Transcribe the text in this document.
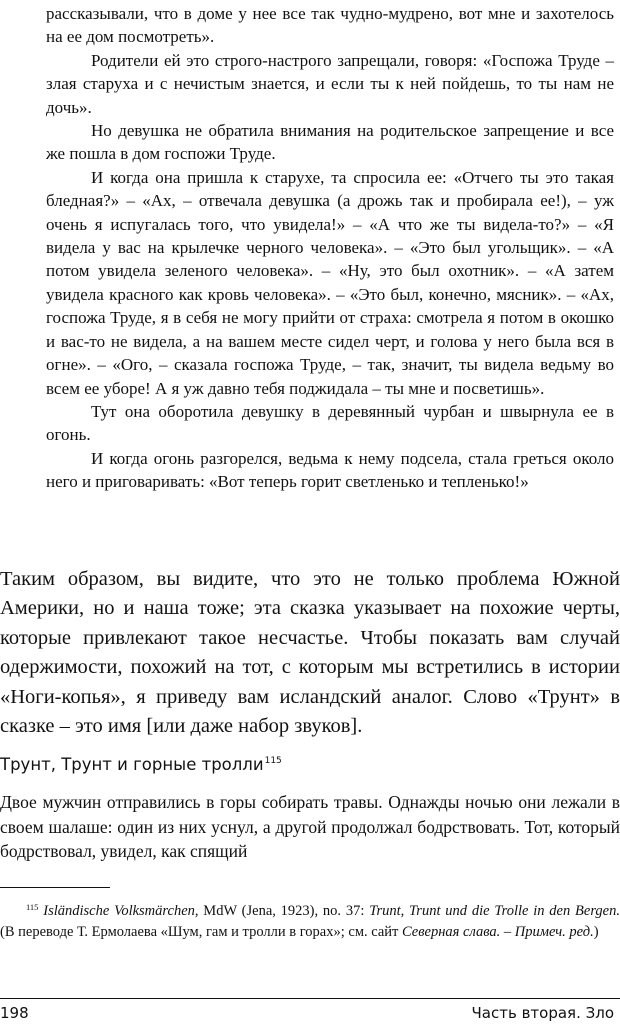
рассказывали, что в доме у нее все так чудно-мудрено, вот мне и захотелось на ее дом посмотреть».

Родители ей это строго-настрого запрещали, говоря: «Госпожа Труде – злая старуха и с нечистым знается, и если ты к ней пойдешь, то ты нам не дочь».

Но девушка не обратила внимания на родительское запрещение и все же пошла в дом госпожи Труде.

И когда она пришла к старухе, та спросила ее: «Отчего ты это такая бледная?» – «Ах, – отвечала девушка (а дрожь так и пробирала ее!), – уж очень я испугалась того, что увидела!» – «А что же ты видела-то?» – «Я видела у вас на крылечке черного человека». – «Это был угольщик». – «А потом увидела зеленого человека». – «Ну, это был охотник». – «А затем увидела красного как кровь человека». – «Это был, конечно, мясник». – «Ах, госпожа Труде, я в себя не могу прийти от страха: смотрела я потом в окошко и вас-то не видела, а на вашем месте сидел черт, и голова у него была вся в огне». – «Ого, – сказала госпожа Труде, – так, значит, ты видела ведьму во всем ее уборе! А я уж давно тебя поджидала – ты мне и посветишь».

Тут она оборотила девушку в деревянный чурбан и швырнула ее в огонь.

И когда огонь разгорелся, ведьма к нему подсела, стала греться около него и приговаривать: «Вот теперь горит светленько и тепленько!»

Таким образом, вы видите, что это не только проблема Южной Америки, но и наша тоже; эта сказка указывает на похожие черты, которые привлекают такое несчастье. Чтобы показать вам случай одержимости, похожий на тот, с которым мы встретились в истории «Ноги-копья», я приведу вам исландский аналог. Слово «Трунт» в сказке – это имя [или даже набор звуков].

Трунт, Трунт и горные тролли$^{115}$

Двое мужчин отправились в горы собирать травы. Однажды ночью они лежали в своем шалаше: один из них уснул, а другой продолжал бодрствовать. Тот, который бодрствовал, увидел, как спящий

$^{115}$ Isländische Volksmärchen, MdW (Jena, 1923), no. 37: Trunt, Trunt und die Trolle in den Bergen. (В переводе Т. Ермолаева «Шум, гам и тролли в горах»; см. сайт Северная слава. – Примеч. ред.)

198	Часть вторая. Зло
